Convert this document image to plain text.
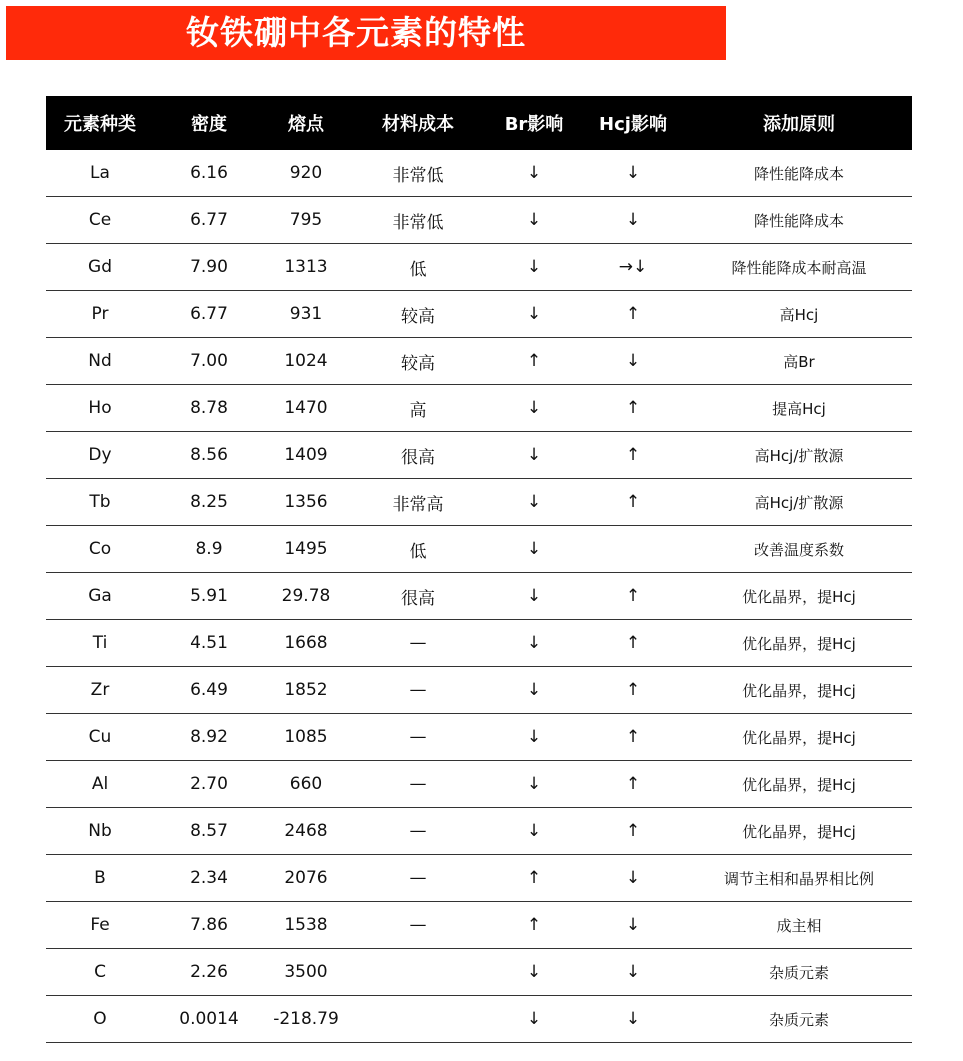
钕铁硼中各元素的特性
元素种类	密度	熔点	材料成本	Br影响	Hcj影响	添加原则
La	6.16	920	非常低	↓	↓	降性能降成本
Ce	6.77	795	非常低	↓	↓	降性能降成本
Gd	7.90	1313	低	↓	→↓	降性能降成本耐高温
Pr	6.77	931	较高	↓	↑	高Hcj
Nd	7.00	1024	较高	↑	↓	高Br
Ho	8.78	1470	高	↓	↑	提高Hcj
Dy	8.56	1409	很高	↓	↑	高Hcj/扩散源
Tb	8.25	1356	非常高	↓	↑	高Hcj/扩散源
Co	8.9	1495	低	↓		改善温度系数
Ga	5.91	29.78	很高	↓	↑	优化晶界，提Hcj
Ti	4.51	1668	—	↓	↑	优化晶界，提Hcj
Zr	6.49	1852	—	↓	↑	优化晶界，提Hcj
Cu	8.92	1085	—	↓	↑	优化晶界，提Hcj
Al	2.70	660	—	↓	↑	优化晶界，提Hcj
Nb	8.57	2468	—	↓	↑	优化晶界，提Hcj
B	2.34	2076	—	↑	↓	调节主相和晶界相比例
Fe	7.86	1538	—	↑	↓	成主相
C	2.26	3500		↓	↓	杂质元素
O	0.0014	-218.79		↓	↓	杂质元素
